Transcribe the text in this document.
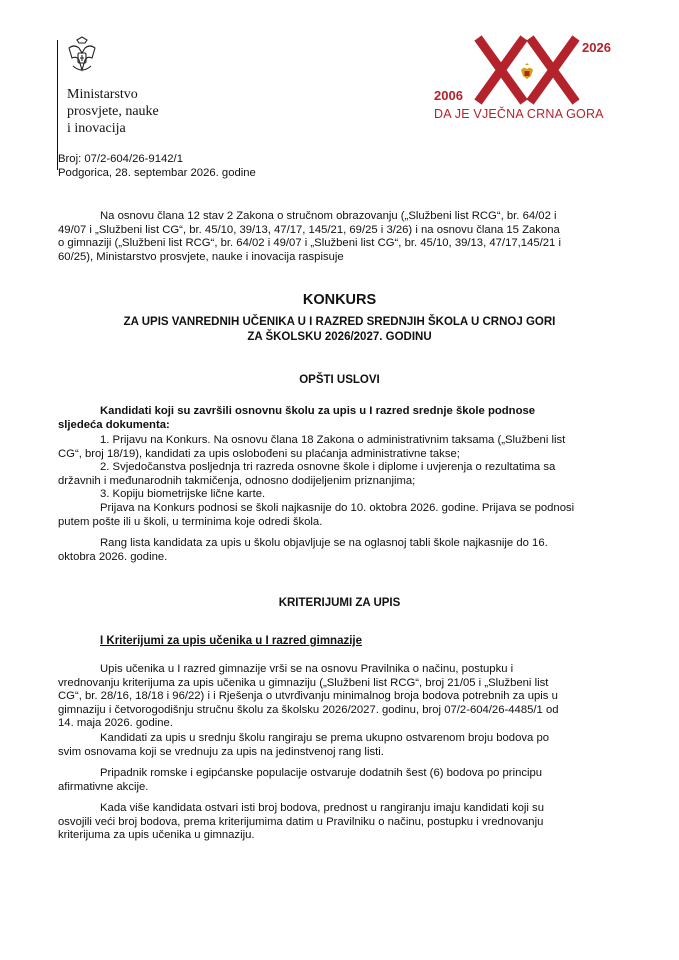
Ministarstvo
prosvjete, nauke
i inovacija
2026
2006
DA JE VJEČNA CRNA GORA
Broj: 07/2-604/26-9142/1
Podgorica, 28. septembar 2026. godine
Na osnovu člana 12 stav 2 Zakona o stručnom obrazovanju („Službeni list RCG“, br. 64/02 i
49/07 i „Službeni list CG“, br. 45/10, 39/13, 47/17, 145/21, 69/25 i 3/26) i na osnovu člana 15 Zakona
o gimnaziji („Službeni list RCG“, br. 64/02 i 49/07 i „Službeni list CG“, br. 45/10, 39/13, 47/17,145/21 i
60/25), Ministarstvo prosvjete, nauke i inovacija raspisuje
KONKURS
ZA UPIS VANREDNIH UČENIKA U I RAZRED SREDNJIH ŠKOLA U CRNOJ GORI
ZA ŠKOLSKU 2026/2027. GODINU
OPŠTI USLOVI
Kandidati koji su završili osnovnu školu za upis u I razred srednje škole podnose
sljedeća dokumenta:
1. Prijavu na Konkurs. Na osnovu člana 18 Zakona o administrativnim taksama („Službeni list
CG“, broj 18/19), kandidati za upis oslobođeni su plaćanja administrativne takse;
2. Svjedočanstva posljednja tri razreda osnovne škole i diplome i uvjerenja o rezultatima sa
državnih i međunarodnih takmičenja, odnosno dodijeljenim priznanjima;
3. Kopiju biometrijske lične karte.
Prijava na Konkurs podnosi se školi najkasnije do 10. oktobra 2026. godine. Prijava se podnosi
putem pošte ili u školi, u terminima koje odredi škola.
Rang lista kandidata za upis u školu objavljuje se na oglasnoj tabli škole najkasnije do 16.
oktobra 2026. godine.
KRITERIJUMI ZA UPIS
I Kriterijumi za upis učenika u I razred gimnazije
Upis učenika u I razred gimnazije vrši se na osnovu Pravilnika o načinu, postupku i
vrednovanju kriterijuma za upis učenika u gimnaziju („Službeni list RCG“, broj 21/05 i „Službeni list
CG“, br. 28/16, 18/18 i 96/22) i i Rješenja o utvrđivanju minimalnog broja bodova potrebnih za upis u
gimnaziju i četvorogodišnju stručnu školu za školsku 2026/2027. godinu, broj 07/2-604/26-4485/1 od
14. maja 2026. godine.
Kandidati za upis u srednju školu rangiraju se prema ukupno ostvarenom broju bodova po
svim osnovama koji se vrednuju za upis na jedinstvenoj rang listi.
Pripadnik romske i egipćanske populacije ostvaruje dodatnih šest (6) bodova po principu
afirmativne akcije.
Kada više kandidata ostvari isti broj bodova, prednost u rangiranju imaju kandidati koji su
osvojili veći broj bodova, prema kriterijumima datim u Pravilniku o načinu, postupku i vrednovanju
kriterijuma za upis učenika u gimnaziju.
